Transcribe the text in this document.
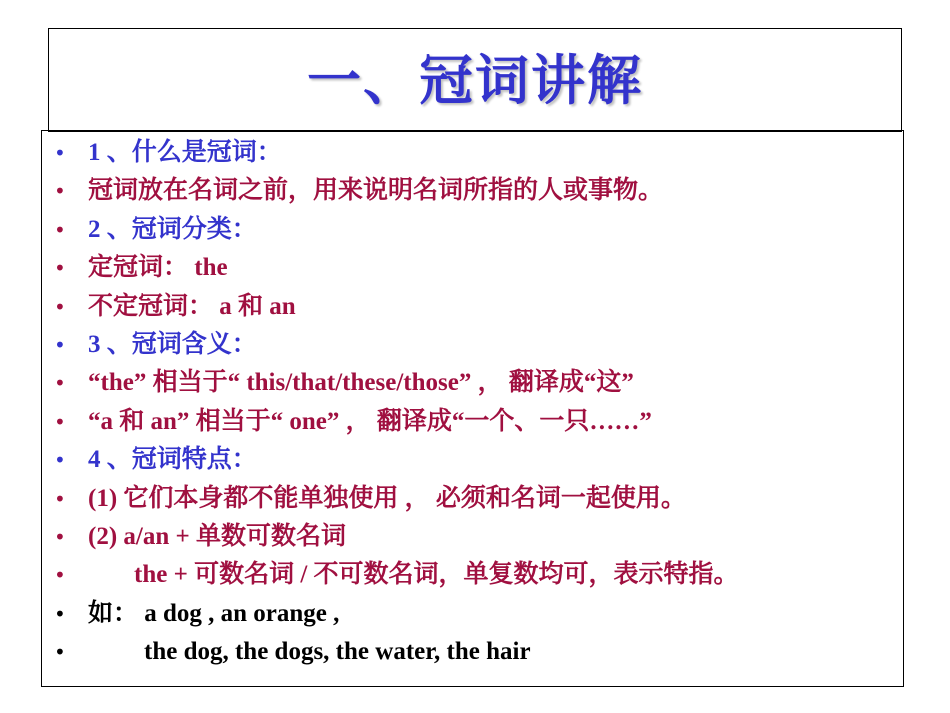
一、冠词讲解
• 1 、什么是冠词：
• 冠词放在名词之前，用来说明名词所指的人或事物。
• 2 、冠词分类：
• 定冠词： the
• 不定冠词： a 和 an
• 3 、冠词含义：
• “the” 相当于“ this/that/these/those” ， 翻译成“这”
• “a 和 an” 相当于“ one” ， 翻译成“一个、一只……”
• 4 、冠词特点：
• (1) 它们本身都不能单独使用 ， 必须和名词一起使用。
• (2) a/an + 单数可数名词
•	the + 可数名词 / 不可数名词，单复数均可，表示特指。
• 如： a dog , an orange ,
•	the dog, the dogs, the water, the hair
